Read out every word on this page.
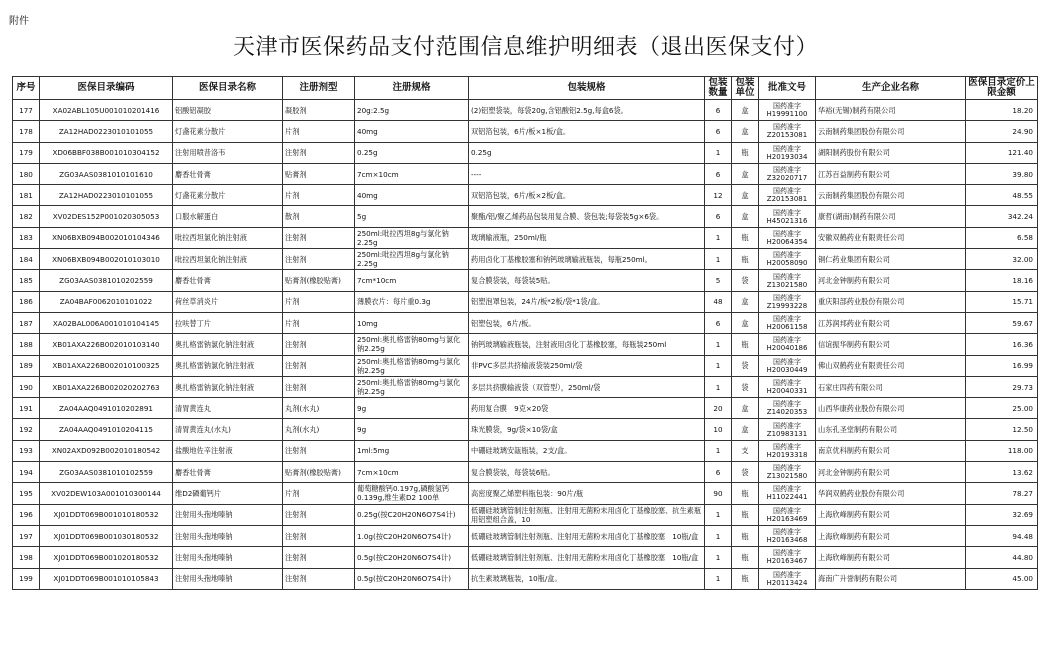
附件
天津市医保药品支付范围信息维护明细表（退出医保支付）
序号	医保目录编码	医保目录名称	注册剂型	注册规格	包装规格	包装数量	包装单位	批准文号	生产企业名称	医保目录定价上限金额
177	XA02ABL105U001010201416	铝酸铝凝胶	凝胶剂	20g:2.5g	(2)铝塑袋装，每袋20g,含铝酸铝2.5g,每盒6袋。	6	盒	国药准字H19991100	华裕(无锡)制药有限公司	18.20
178	ZA12HAD0223010101055	灯盏花素分散片	片剂	40mg	双铝箔包装，6片/板×1板/盒。	6	盒	国药准字Z20153081	云南制药集团股份有限公司	24.90
179	XD06BBF038B001010304152	注射用喷昔洛韦	注射剂	0.25g	0.25g	1	瓶	国药准字H20193034	湖阳制药股份有限公司	121.40
180	ZG03AAS0381010101610	麝香壮骨膏	贴膏剂	7cm×10cm	----	6	盒	国药准字Z32020717	江苏百益制药有限公司	39.80
181	ZA12HAD0223010101055	灯盏花素分散片	片剂	40mg	双铝箔包装，6片/板×2板/盒。	12	盒	国药准字Z20153081	云南制药集团股份有限公司	48.55
182	XV02DES152P001020305053	口服水解蛋白	散剂	5g	聚酯/铝/聚乙烯药品包装用复合膜、袋包装;每袋装5g×6袋。	6	盒	国药准字H45021316	康哲(湖南)制药有限公司	342.24
183	XN06BXB094B002010104346	吡拉西坦氯化钠注射液	注射剂	250ml:吡拉西坦8g与氯化钠2.25g	玻璃输液瓶，250ml/瓶	1	瓶	国药准字H20064354	安徽双鹤药业有限责任公司	6.58
184	XN06BXB094B002010103010	吡拉西坦氯化钠注射液	注射剂	250ml:吡拉西坦8g与氯化钠2.25g	药用卤化丁基橡胶塞和钠钙玻璃输液瓶装，每瓶250ml。	1	瓶	国药准字H20058090	铜仁药业集团有限公司	32.00
185	ZG03AAS0381010202559	麝香壮骨膏	贴膏剂(橡胶贴膏)	7cm*10cm	复合膜袋装，每袋装5贴。	5	袋	国药准字Z13021580	河北金钟制药有限公司	18.16
186	ZA04BAF0062010101022	荷丝草消炎片	片剂	薄膜衣片：每片重0.3g	铝塑泡罩包装，24片/板*2板/袋*1袋/盒。	48	盒	国药准字Z19993228	重庆阳部药业股份有限公司	15.71
187	XA02BAL006A001010104145	拉呋替丁片	片剂	10mg	铝塑包装，6片/板。	6	盒	国药准字H20061158	江苏润邦药业有限公司	59.67
188	XB01AXA226B002010103140	奥扎格雷钠氯化钠注射液	注射剂	250ml:奥扎格雷钠80mg与氯化钠2.25g	钠钙玻璃输液瓶装，注射液用卤化丁基橡胶塞，每瓶装250ml	1	瓶	国药准字H20040186	信谊振华制药有限公司	16.36
189	XB01AXA226B002010100325	奥扎格雷钠氯化钠注射液	注射剂	250ml:奥扎格雷钠80mg与氯化钠2.25g	非PVC多层共挤输液袋装250ml/袋	1	袋	国药准字H20030449	佛山双鹤药业有限责任公司	16.99
190	XB01AXA226B002020202763	奥扎格雷钠氯化钠注射液	注射剂	250ml:奥扎格雷钠80mg与氯化钠2.25g	多层共挤膜输液袋（双管型），250ml/袋	1	袋	国药准字H20040331	石家庄四药有限公司	29.73
191	ZA04AAQ0491010202891	清胃黄连丸	丸剂(水丸)	9g	药用复合膜　9克×20袋	20	盒	国药准字Z14020353	山西华康药业股份有限公司	25.00
192	ZA04AAQ0491010204115	清胃黄连丸(水丸)	丸剂(水丸)	9g	珠光膜袋，9g/袋×10袋/盒	10	盒	国药准字Z10983131	山东孔圣堂制药有限公司	12.50
193	XN02AXD092B002010180542	盐酸地佐辛注射液	注射剂	1ml:5mg	中硼硅玻璃安瓿瓶装，2支/盒。	1	支	国药准字H20193318	南京优科制药有限公司	118.00
194	ZG03AAS0381010102559	麝香壮骨膏	贴膏剂(橡胶贴膏)	7cm×10cm	复合膜袋装，每袋装6贴。	6	袋	国药准字Z13021580	河北金钟制药有限公司	13.62
195	XV02DEW103A001010300144	维D2磷葡钙片	片剂	葡萄糖酸钙0.197g,磷酸氢钙0.139g,维生素D2 100单	高密度聚乙烯塑料瓶包装：90片/瓶	90	瓶	国药准字H11022441	华润双鹤药业股份有限公司	78.27
196	XJ01DDT069B001010180532	注射用头孢地嗪钠	注射剂	0.25g(按C20H20N6O7S4计)	低硼硅玻璃管制注射剂瓶、注射用无菌粉末用卤化丁基橡胶塞、抗生素瓶用铝塑组合盖，10	1	瓶	国药准字H20163469	上海欣峰制药有限公司	32.69
197	XJ01DDT069B001030180532	注射用头孢地嗪钠	注射剂	1.0g(按C20H20N6O7S4计)	低硼硅玻璃管制注射剂瓶、注射用无菌粉末用卤化丁基橡胶塞　10瓶/盒	1	瓶	国药准字H20163468	上海欣峰制药有限公司	94.48
198	XJ01DDT069B001020180532	注射用头孢地嗪钠	注射剂	0.5g(按C20H20N6O7S4计)	低硼硅玻璃管制注射剂瓶、注射用无菌粉末用卤化丁基橡胶塞　10瓶/盒	1	瓶	国药准字H20163467	上海欣峰制药有限公司	44.80
199	XJ01DDT069B001010105843	注射用头孢地嗪钠	注射剂	0.5g(按C20H20N6O7S4计)	抗生素玻璃瓶装，10瓶/盒。	1	瓶	国药准字H20113424	海南广升誉制药有限公司	45.00
